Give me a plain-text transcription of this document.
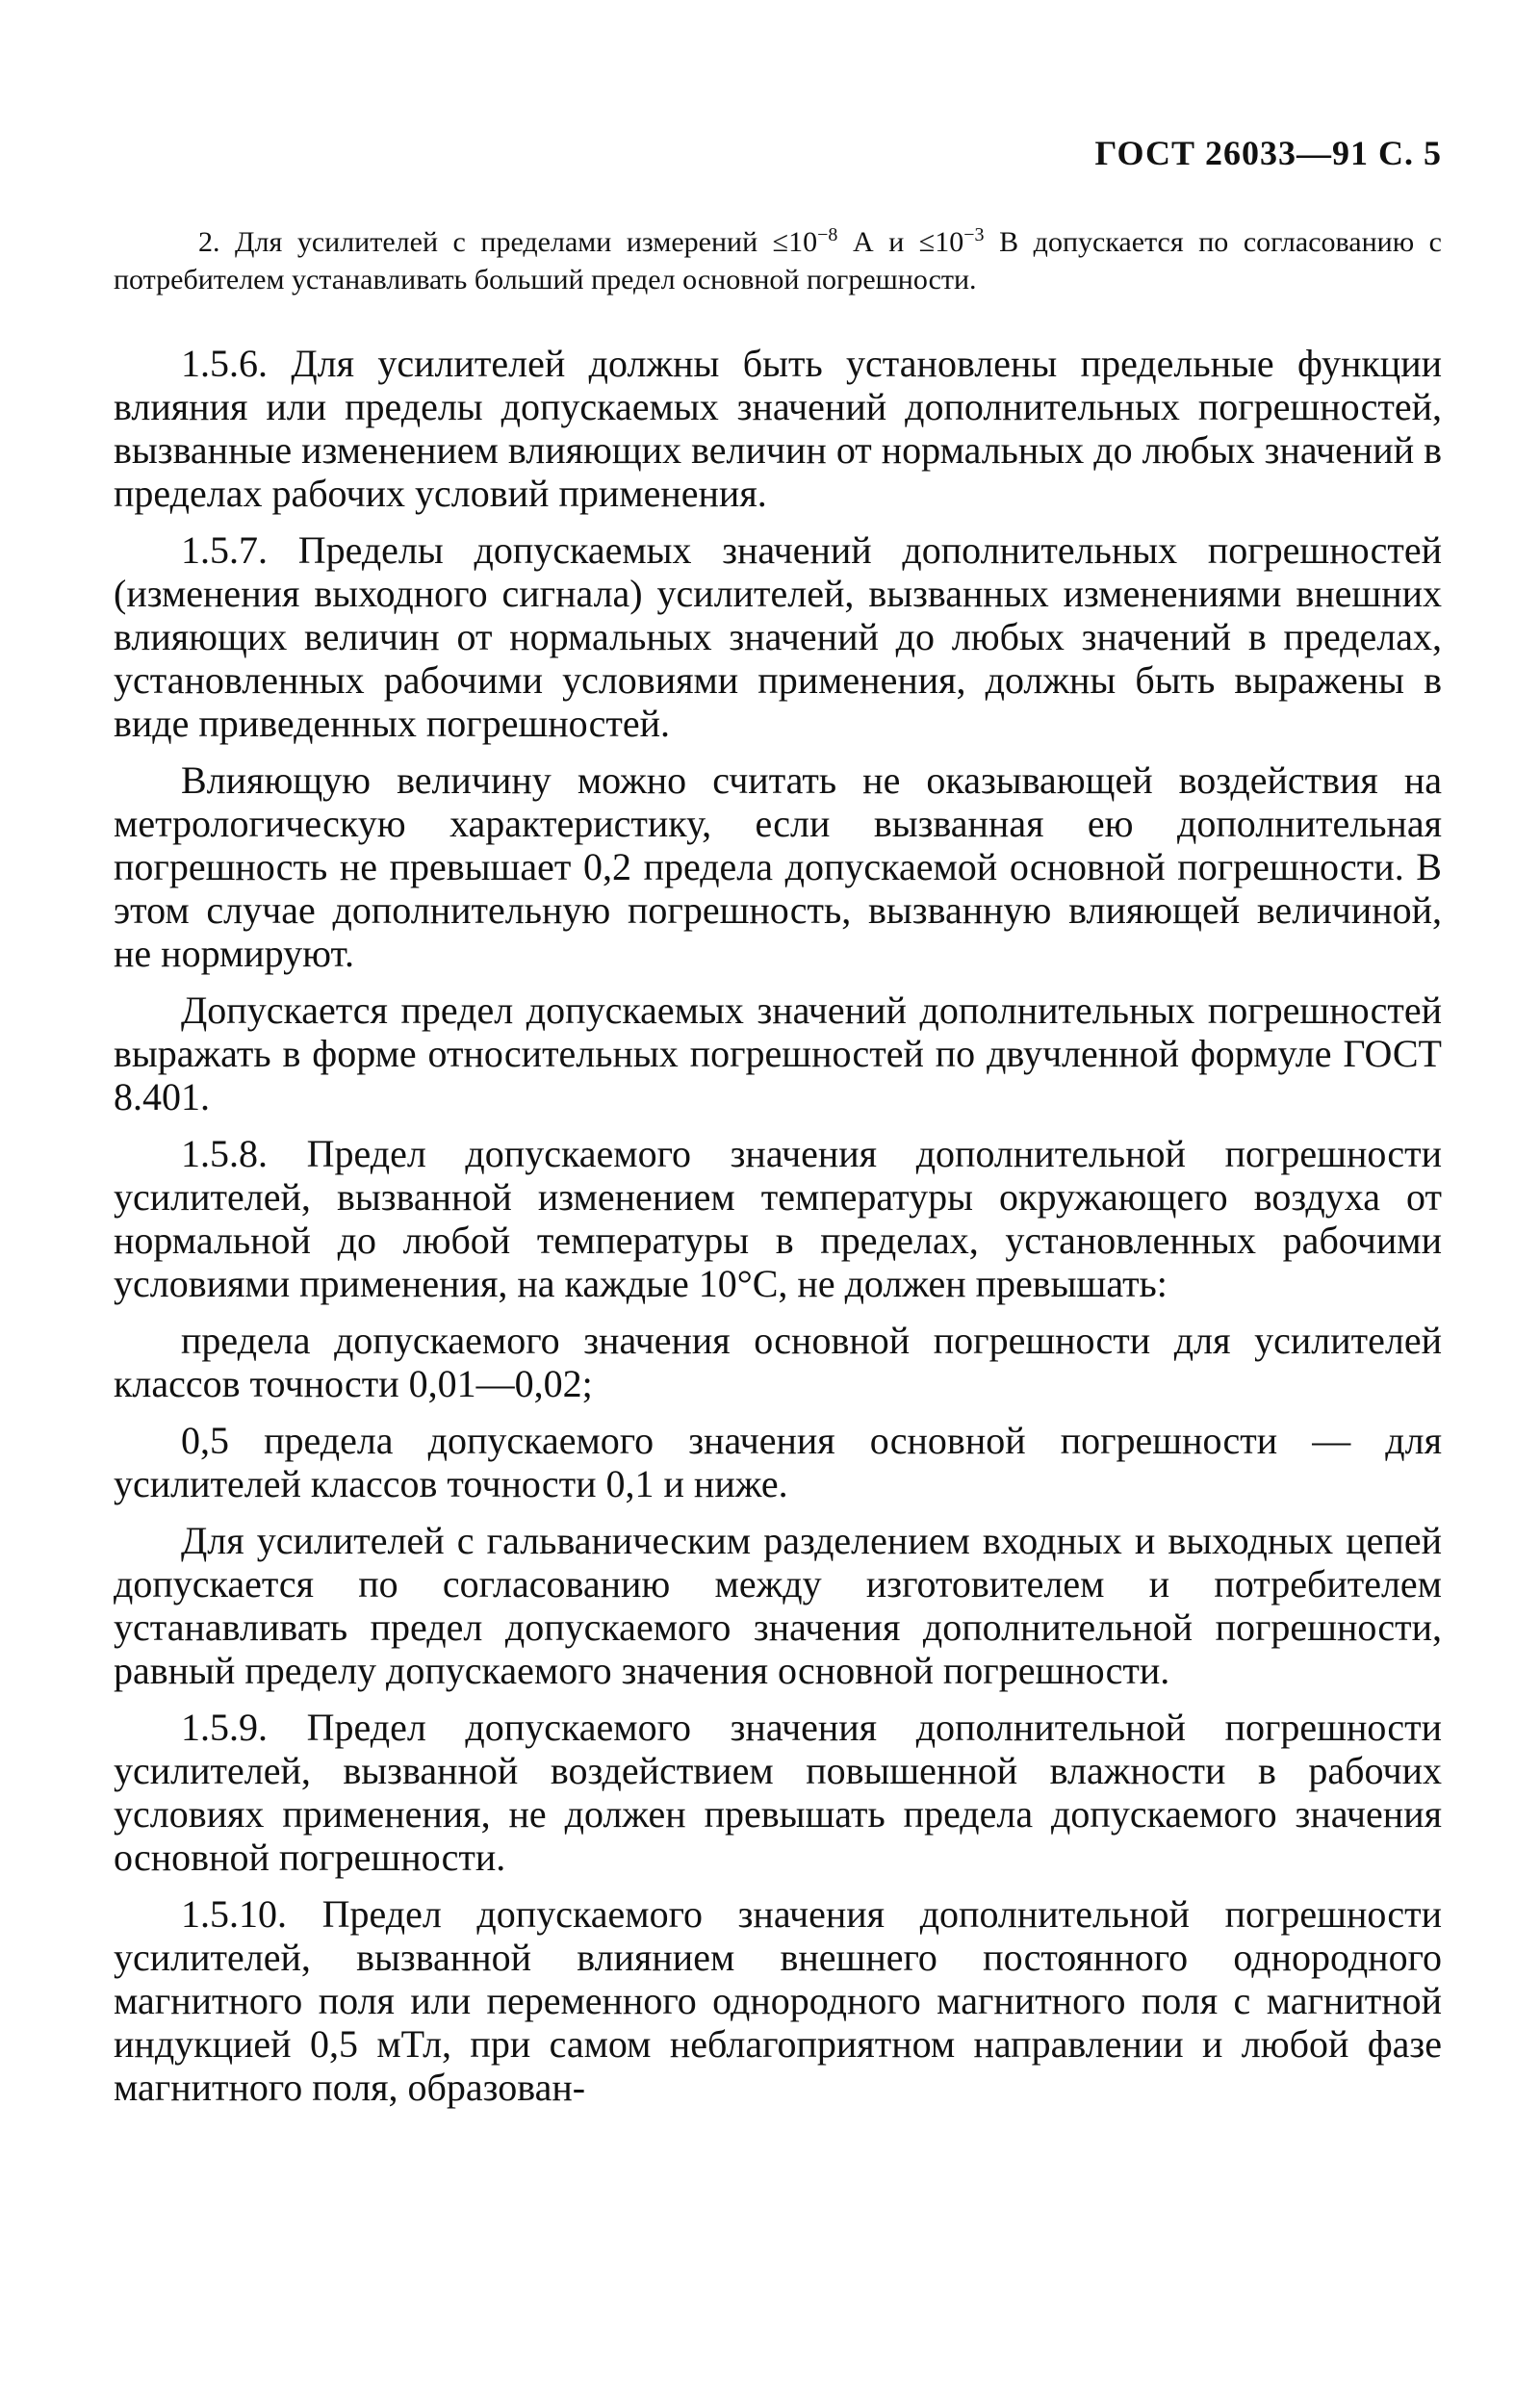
ГОСТ 26033—91 С. 5

2. Для усилителей с пределами измерений $\le 10^{-8}$ А $и \le 10^{-3}$ В допускается по согласованию с потребителем устанавливать больший предел основной погрешности.

1.5.6. Для усилителей должны быть установлены предельные функции влияния или пределы допускаемых значений дополнительных погрешностей, вызванные изменением влияющих величин от нормальных до любых значений в пределах рабочих условий применения.

1.5.7. Пределы допускаемых значений дополнительных погрешностей (изменения выходного сигнала) усилителей, вызванных изменениями внешних влияющих величин от нормальных значений до любых значений в пределах, установленных рабочими условиями применения, должны быть выражены в виде приведенных погрешностей.

Влияющую величину можно считать не оказывающей воздействия на метрологическую характеристику, если вызванная ею дополнительная погрешность не превышает 0,2 предела допускаемой основной погрешности. В этом случае дополнительную погрешность, вызванную влияющей величиной, не нормируют.

Допускается предел допускаемых значений дополнительных погрешностей выражать в форме относительных погрешностей по двучленной формуле ГОСТ 8.401.

1.5.8. Предел допускаемого значения дополнительной погрешности усилителей, вызванной изменением температуры окружающего воздуха от нормальной до любой температуры в пределах, установленных рабочими условиями применения, на каждые 10°С, не должен превышать:

предела допускаемого значения основной погрешности для усилителей классов точности 0,01—0,02;

0,5 предела допускаемого значения основной погрешности — для усилителей классов точности 0,1 и ниже.

Для усилителей с гальваническим разделением входных и выходных цепей допускается по согласованию между изготовителем и потребителем устанавливать предел допускаемого значения дополнительной погрешности, равный пределу допускаемого значения основной погрешности.

1.5.9. Предел допускаемого значения дополнительной погрешности усилителей, вызванной воздействием повышенной влажности в рабочих условиях применения, не должен превышать предела допускаемого значения основной погрешности.

1.5.10. Предел допускаемого значения дополнительной погрешности усилителей, вызванной влиянием внешнего постоянного однородного магнитного поля или переменного однородного магнитного поля с магнитной индукцией 0,5 мТл, при самом неблагоприятном направлении и любой фазе магнитного поля, образован-
